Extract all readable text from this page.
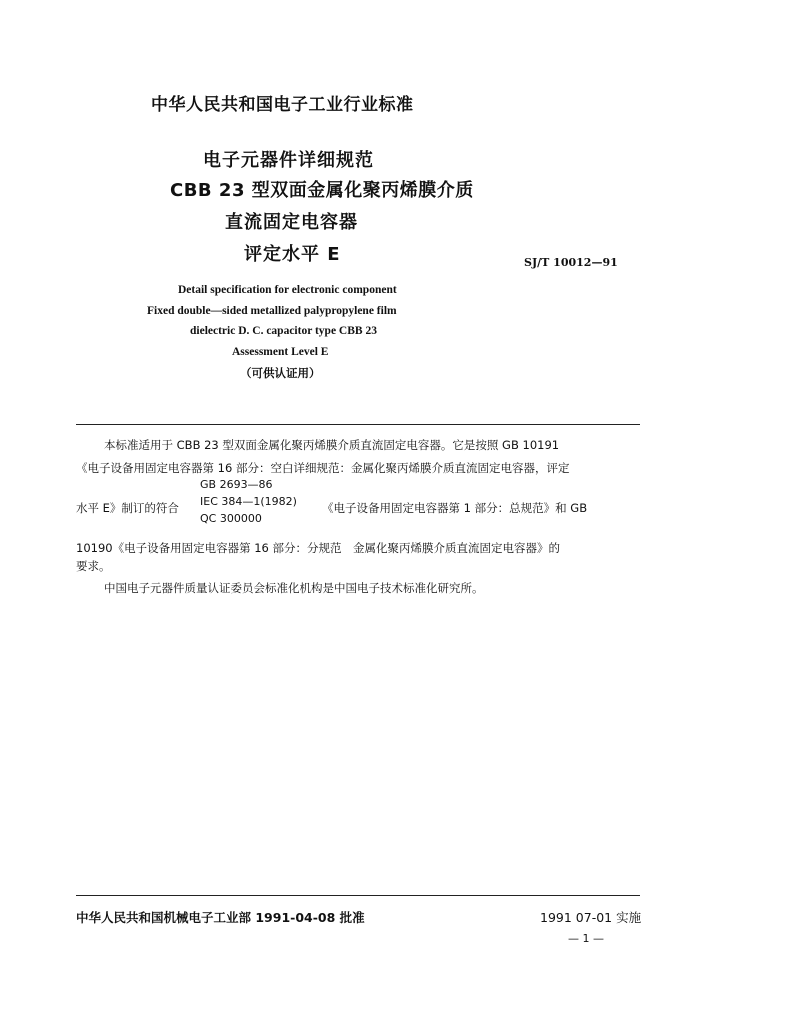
中华人民共和国电子工业行业标准
电子元器件详细规范
CBB 23 型双面金属化聚丙烯膜介质
直流固定电容器
评定水平 E	SJ/T 10012—91
Detail specification for electronic component
Fixed double—sided metallized palypropylene film
dielectric D. C. capacitor type CBB 23
Assessment Level E
（可供认证用）
本标准适用于 CBB 23 型双面金属化聚丙烯膜介质直流固定电容器。它是按照 GB 10191
《电子设备用固定电容器第 16 部分：空白详细规范：金属化聚丙烯膜介质直流固定电容器，评定
水平 E》制订的符合
GB 2693—86
IEC 384—1(1982)
QC 300000
《电子设备用固定电容器第 1 部分：总规范》和 GB
10190《电子设备用固定电容器第 16 部分：分规范　金属化聚丙烯膜介质直流固定电容器》的
要求。
中国电子元器件质量认证委员会标准化机构是中国电子技术标准化研究所。
中华人民共和国机械电子工业部 1991-04-08 批准	1991 07-01 实施
— 1 —
